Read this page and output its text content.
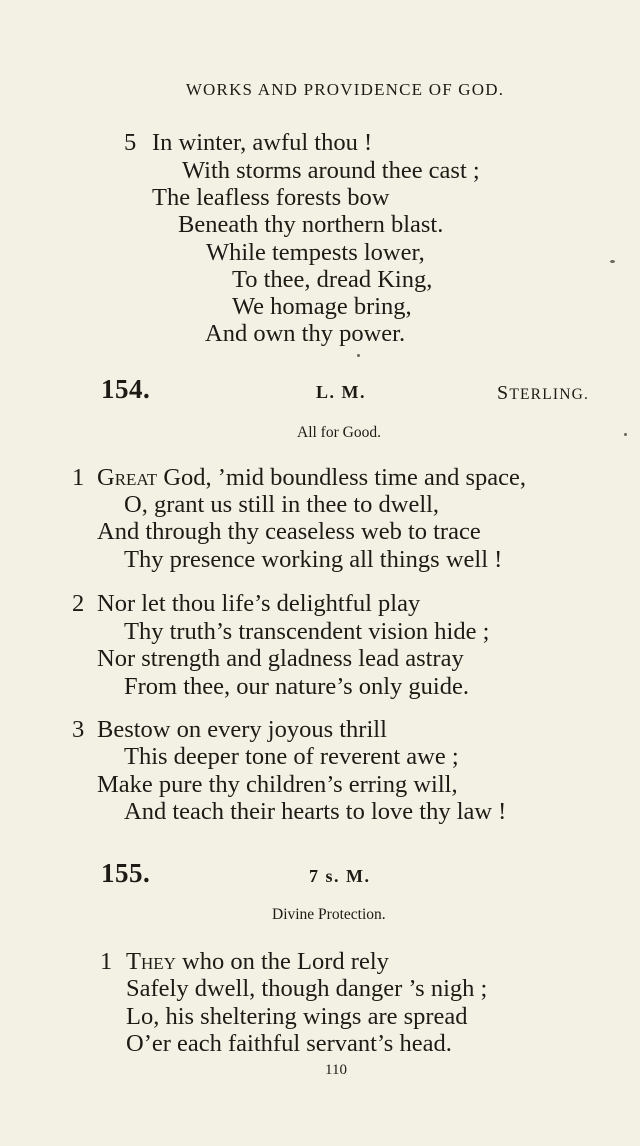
WORKS AND PROVIDENCE OF GOD.
5 In winter, awful thou !
With storms around thee cast ;
The leafless forests bow
Beneath thy northern blast.
While tempests lower,
To thee, dread King,
We homage bring,
And own thy power.
154.	L. M.	STERLING.
All for Good.
1 Great God, ’mid boundless time and space,
O, grant us still in thee to dwell,
And through thy ceaseless web to trace
Thy presence working all things well !
2 Nor let thou life’s delightful play
Thy truth’s transcendent vision hide ;
Nor strength and gladness lead astray
From thee, our nature’s only guide.
3 Bestow on every joyous thrill
This deeper tone of reverent awe ;
Make pure thy children’s erring will,
And teach their hearts to love thy law !
155.	7 s. M.
Divine Protection.
1 They who on the Lord rely
Safely dwell, though danger ’s nigh ;
Lo, his sheltering wings are spread
O’er each faithful servant’s head.
110
